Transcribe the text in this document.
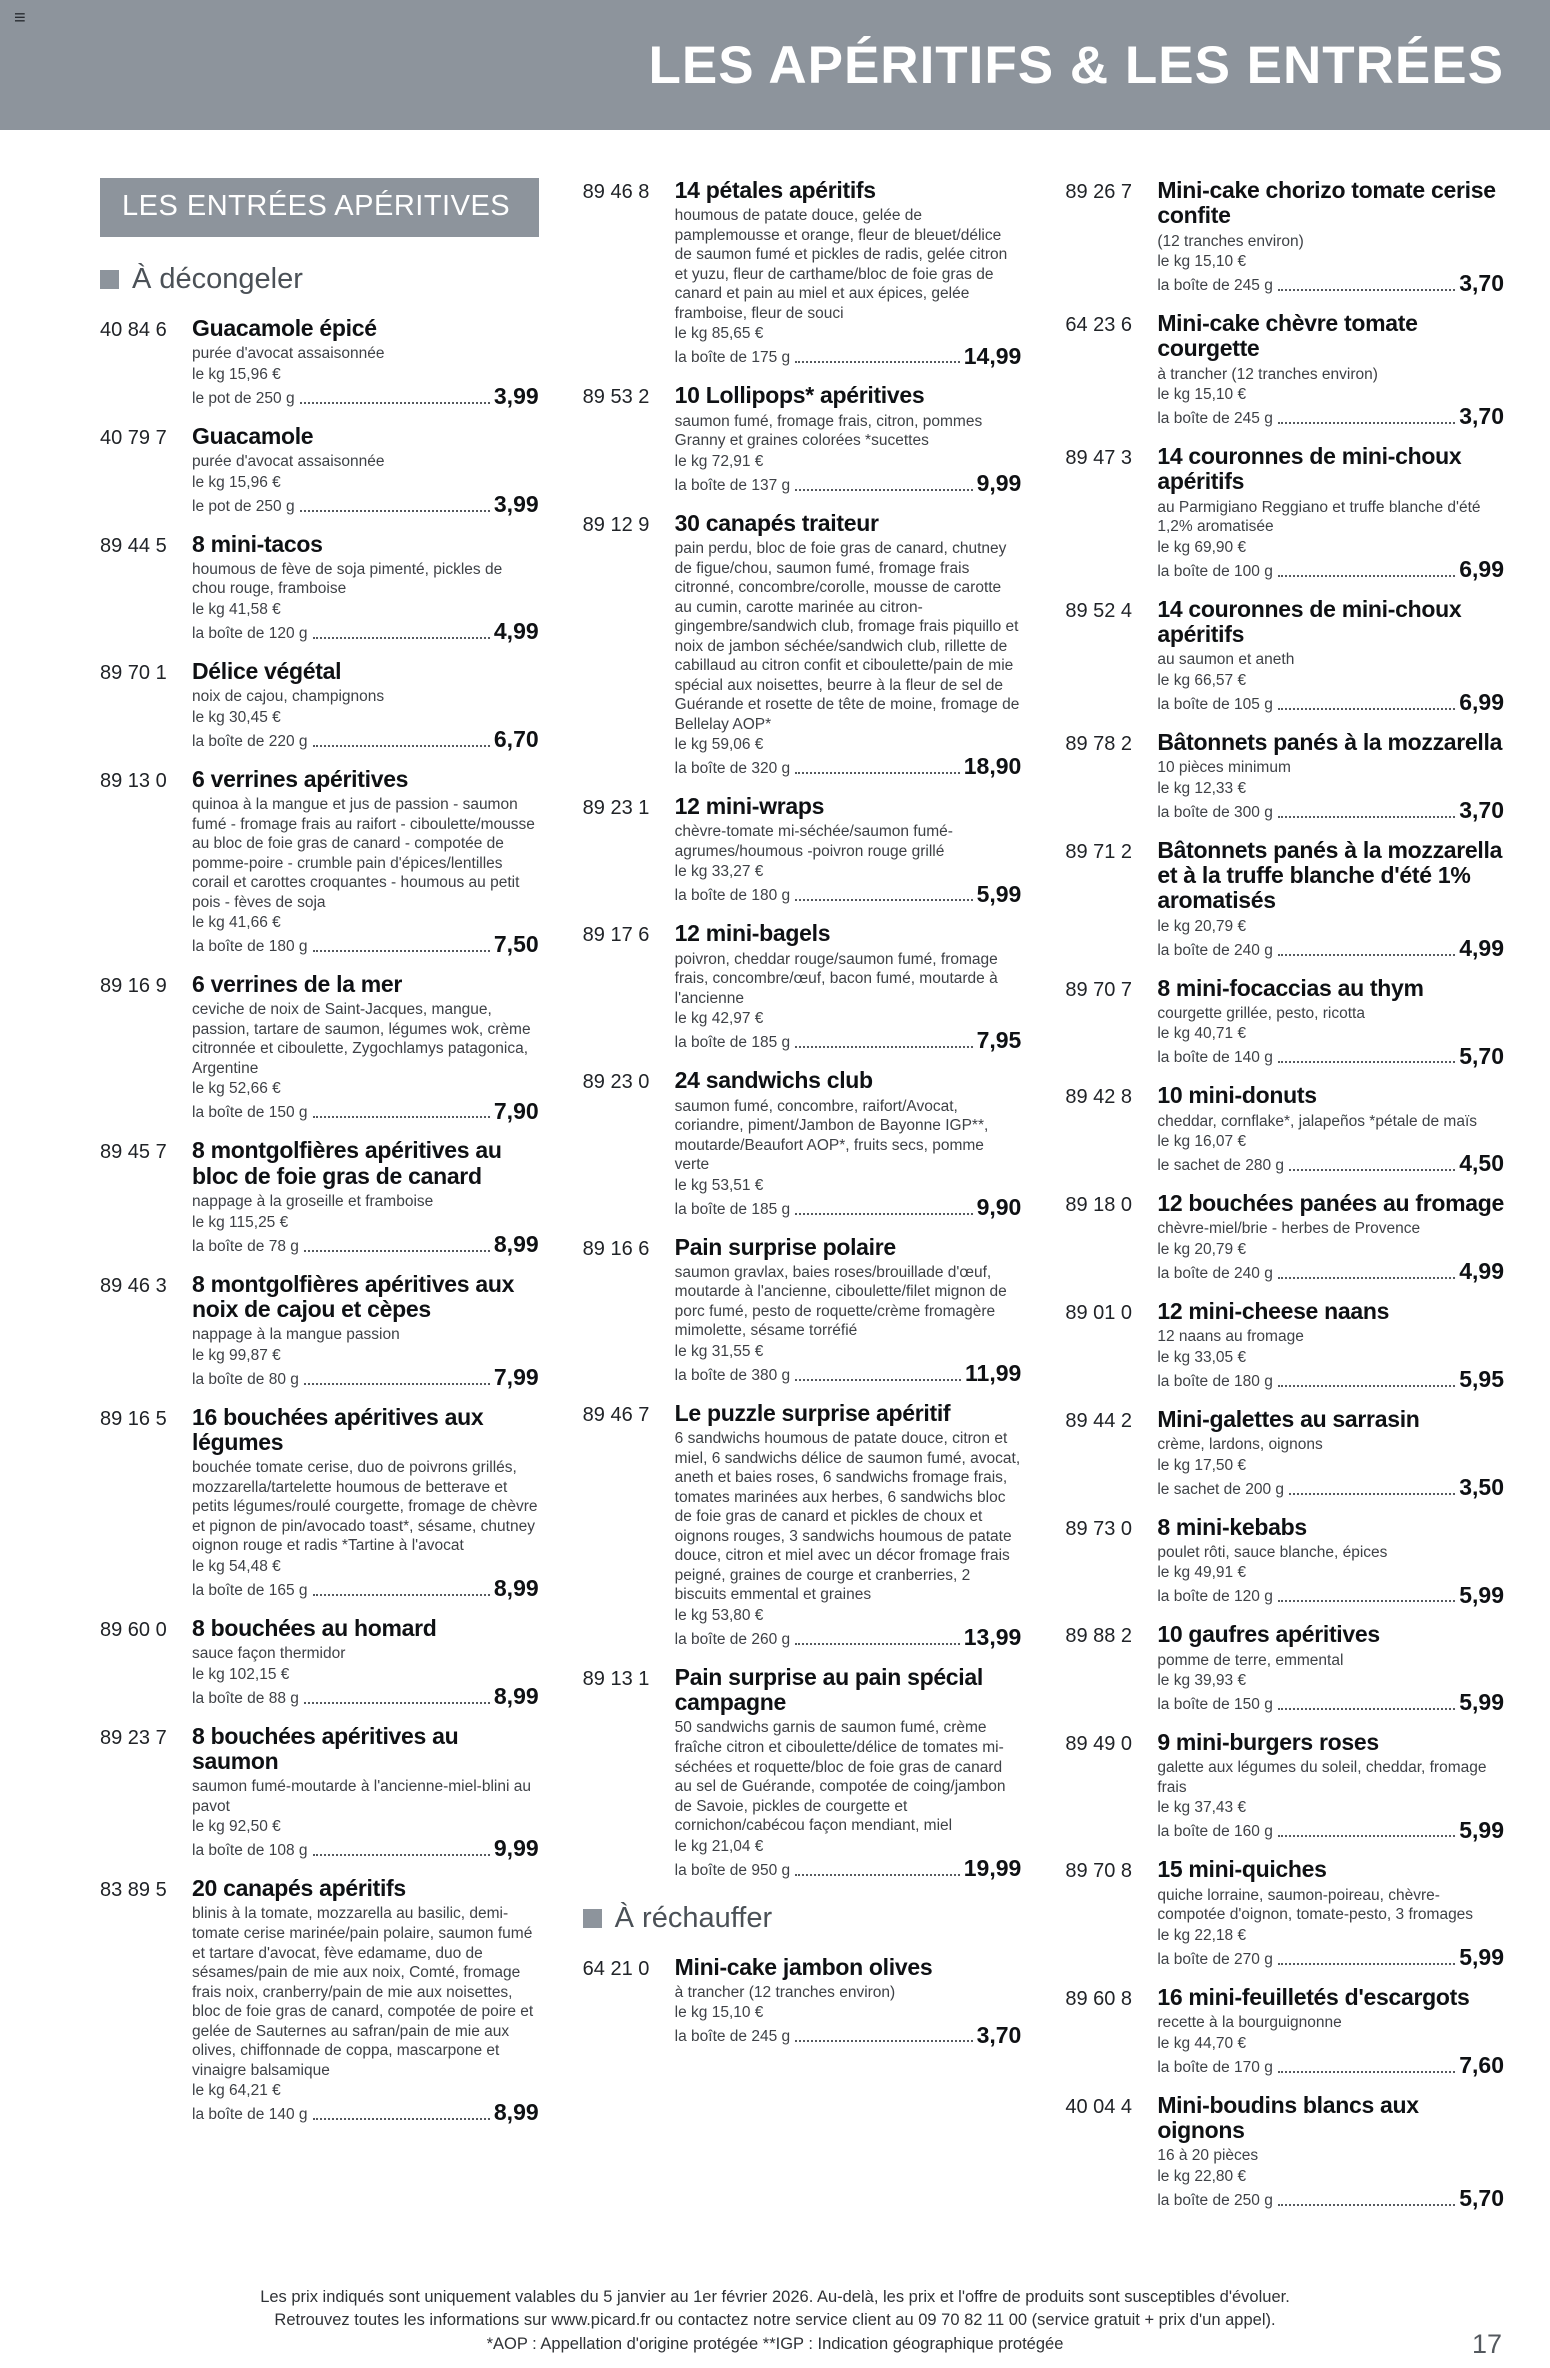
≡
LES APÉRITIFS & LES ENTRÉES
LES ENTRÉES APÉRITIVES
À décongeler
40 84 6	Guacamole épicé
purée d'avocat assaisonnée
le kg 15,96 €
le pot de 250 g	3,99
40 79 7	Guacamole
purée d'avocat assaisonnée
le kg 15,96 €
le pot de 250 g	3,99
89 44 5	8 mini-tacos
houmous de fève de soja pimenté, pickles de chou rouge, framboise
le kg 41,58 €
la boîte de 120 g	4,99
89 70 1	Délice végétal
noix de cajou, champignons
le kg 30,45 €
la boîte de 220 g	6,70
89 13 0	6 verrines apéritives
quinoa à la mangue et jus de passion - saumon fumé - fromage frais au raifort - ciboulette/mousse au bloc de foie gras de canard - compotée de pomme-poire - crumble pain d'épices/lentilles corail et carottes croquantes - houmous au petit pois - fèves de soja
le kg 41,66 €
la boîte de 180 g	7,50
89 16 9	6 verrines de la mer
ceviche de noix de Saint-Jacques, mangue, passion, tartare de saumon, légumes wok, crème citronnée et ciboulette, Zygochlamys patagonica, Argentine
le kg 52,66 €
la boîte de 150 g	7,90
89 45 7	8 montgolfières apéritives au bloc de foie gras de canard
nappage à la groseille et framboise
le kg 115,25 €
la boîte de 78 g	8,99
89 46 3	8 montgolfières apéritives aux noix de cajou et cèpes
nappage à la mangue passion
le kg 99,87 €
la boîte de 80 g	7,99
89 16 5	16 bouchées apéritives aux légumes
bouchée tomate cerise, duo de poivrons grillés, mozzarella/tartelette houmous de betterave et petits légumes/roulé courgette, fromage de chèvre et pignon de pin/avocado toast*, sésame, chutney oignon rouge et radis *Tartine à l'avocat
le kg 54,48 €
la boîte de 165 g	8,99
89 60 0	8 bouchées au homard
sauce façon thermidor
le kg 102,15 €
la boîte de 88 g	8,99
89 23 7	8 bouchées apéritives au saumon
saumon fumé-moutarde à l'ancienne-miel-blini au pavot
le kg 92,50 €
la boîte de 108 g	9,99
83 89 5	20 canapés apéritifs
blinis à la tomate, mozzarella au basilic, demi-tomate cerise marinée/pain polaire, saumon fumé et tartare d'avocat, fève edamame, duo de sésames/pain de mie aux noix, Comté, fromage frais noix, cranberry/pain de mie aux noisettes, bloc de foie gras de canard, compotée de poire et gelée de Sauternes au safran/pain de mie aux olives, chiffonnade de coppa, mascarpone et vinaigre balsamique
le kg 64,21 €
la boîte de 140 g	8,99
89 46 8	14 pétales apéritifs
houmous de patate douce, gelée de pamplemousse et orange, fleur de bleuet/délice de saumon fumé et pickles de radis, gelée citron et yuzu, fleur de carthame/bloc de foie gras de canard et pain au miel et aux épices, gelée framboise, fleur de souci
le kg 85,65 €
la boîte de 175 g	14,99
89 53 2	10 Lollipops* apéritives
saumon fumé, fromage frais, citron, pommes Granny et graines colorées *sucettes
le kg 72,91 €
la boîte de 137 g	9,99
89 12 9	30 canapés traiteur
pain perdu, bloc de foie gras de canard, chutney de figue/chou, saumon fumé, fromage frais citronné, concombre/corolle, mousse de carotte au cumin, carotte marinée au citron-gingembre/sandwich club, fromage frais piquillo et noix de jambon séchée/sandwich club, rillette de cabillaud au citron confit et ciboulette/pain de mie spécial aux noisettes, beurre à la fleur de sel de Guérande et rosette de tête de moine, fromage de Bellelay AOP*
le kg 59,06 €
la boîte de 320 g	18,90
89 23 1	12 mini-wraps
chèvre-tomate mi-séchée/saumon fumé-agrumes/houmous -poivron rouge grillé
le kg 33,27 €
la boîte de 180 g	5,99
89 17 6	12 mini-bagels
poivron, cheddar rouge/saumon fumé, fromage frais, concombre/œuf, bacon fumé, moutarde à l'ancienne
le kg 42,97 €
la boîte de 185 g	7,95
89 23 0	24 sandwichs club
saumon fumé, concombre, raifort/Avocat, coriandre, piment/Jambon de Bayonne IGP**, moutarde/Beaufort AOP*, fruits secs, pomme verte
le kg 53,51 €
la boîte de 185 g	9,90
89 16 6	Pain surprise polaire
saumon gravlax, baies roses/brouillade d'œuf, moutarde à l'ancienne, ciboulette/filet mignon de porc fumé, pesto de roquette/crème fromagère mimolette, sésame torréfié
le kg 31,55 €
la boîte de 380 g	11,99
89 46 7	Le puzzle surprise apéritif
6 sandwichs houmous de patate douce, citron et miel, 6 sandwichs délice de saumon fumé, avocat, aneth et baies roses, 6 sandwichs fromage frais, tomates marinées aux herbes, 6 sandwichs bloc de foie gras de canard et pickles de choux et oignons rouges, 3 sandwichs houmous de patate douce, citron et miel avec un décor fromage frais peigné, graines de courge et cranberries, 2 biscuits emmental et graines
le kg 53,80 €
la boîte de 260 g	13,99
89 13 1	Pain surprise au pain spécial campagne
50 sandwichs garnis de saumon fumé, crème fraîche citron et ciboulette/délice de tomates mi-séchées et roquette/bloc de foie gras de canard au sel de Guérande, compotée de coing/jambon de Savoie, pickles de courgette et cornichon/cabécou façon mendiant, miel
le kg 21,04 €
la boîte de 950 g	19,99
À réchauffer
64 21 0	Mini-cake jambon olives
à trancher (12 tranches environ)
le kg 15,10 €
la boîte de 245 g	3,70
89 26 7	Mini-cake chorizo tomate cerise confite
(12 tranches environ)
le kg 15,10 €
la boîte de 245 g	3,70
64 23 6	Mini-cake chèvre tomate courgette
à trancher (12 tranches environ)
le kg 15,10 €
la boîte de 245 g	3,70
89 47 3	14 couronnes de mini-choux apéritifs
au Parmigiano Reggiano et truffe blanche d'été 1,2% aromatisée
le kg 69,90 €
la boîte de 100 g	6,99
89 52 4	14 couronnes de mini-choux apéritifs
au saumon et aneth
le kg 66,57 €
la boîte de 105 g	6,99
89 78 2	Bâtonnets panés à la mozzarella
10 pièces minimum
le kg 12,33 €
la boîte de 300 g	3,70
89 71 2	Bâtonnets panés à la mozzarella et à la truffe blanche d'été 1% aromatisés
le kg 20,79 €
la boîte de 240 g	4,99
89 70 7	8 mini-focaccias au thym
courgette grillée, pesto, ricotta
le kg 40,71 €
la boîte de 140 g	5,70
89 42 8	10 mini-donuts
cheddar, cornflake*, jalapeños *pétale de maïs
le kg 16,07 €
le sachet de 280 g	4,50
89 18 0	12 bouchées panées au fromage
chèvre-miel/brie - herbes de Provence
le kg 20,79 €
la boîte de 240 g	4,99
89 01 0	12 mini-cheese naans
12 naans au fromage
le kg 33,05 €
la boîte de 180 g	5,95
89 44 2	Mini-galettes au sarrasin
crème, lardons, oignons
le kg 17,50 €
le sachet de 200 g	3,50
89 73 0	8 mini-kebabs
poulet rôti, sauce blanche, épices
le kg 49,91 €
la boîte de 120 g	5,99
89 88 2	10 gaufres apéritives
pomme de terre, emmental
le kg 39,93 €
la boîte de 150 g	5,99
89 49 0	9 mini-burgers roses
galette aux légumes du soleil, cheddar, fromage frais
le kg 37,43 €
la boîte de 160 g	5,99
89 70 8	15 mini-quiches
quiche lorraine, saumon-poireau, chèvre-compotée d'oignon, tomate-pesto, 3 fromages
le kg 22,18 €
la boîte de 270 g	5,99
89 60 8	16 mini-feuilletés d'escargots
recette à la bourguignonne
le kg 44,70 €
la boîte de 170 g	7,60
40 04 4	Mini-boudins blancs aux oignons
16 à 20 pièces
le kg 22,80 €
la boîte de 250 g	5,70
Les prix indiqués sont uniquement valables du 5 janvier au 1er février 2026. Au-delà, les prix et l'offre de produits sont susceptibles d'évoluer.
Retrouvez toutes les informations sur www.picard.fr ou contactez notre service client au 09 70 82 11 00 (service gratuit + prix d'un appel).
*AOP : Appellation d'origine protégée **IGP : Indication géographique protégée	17
